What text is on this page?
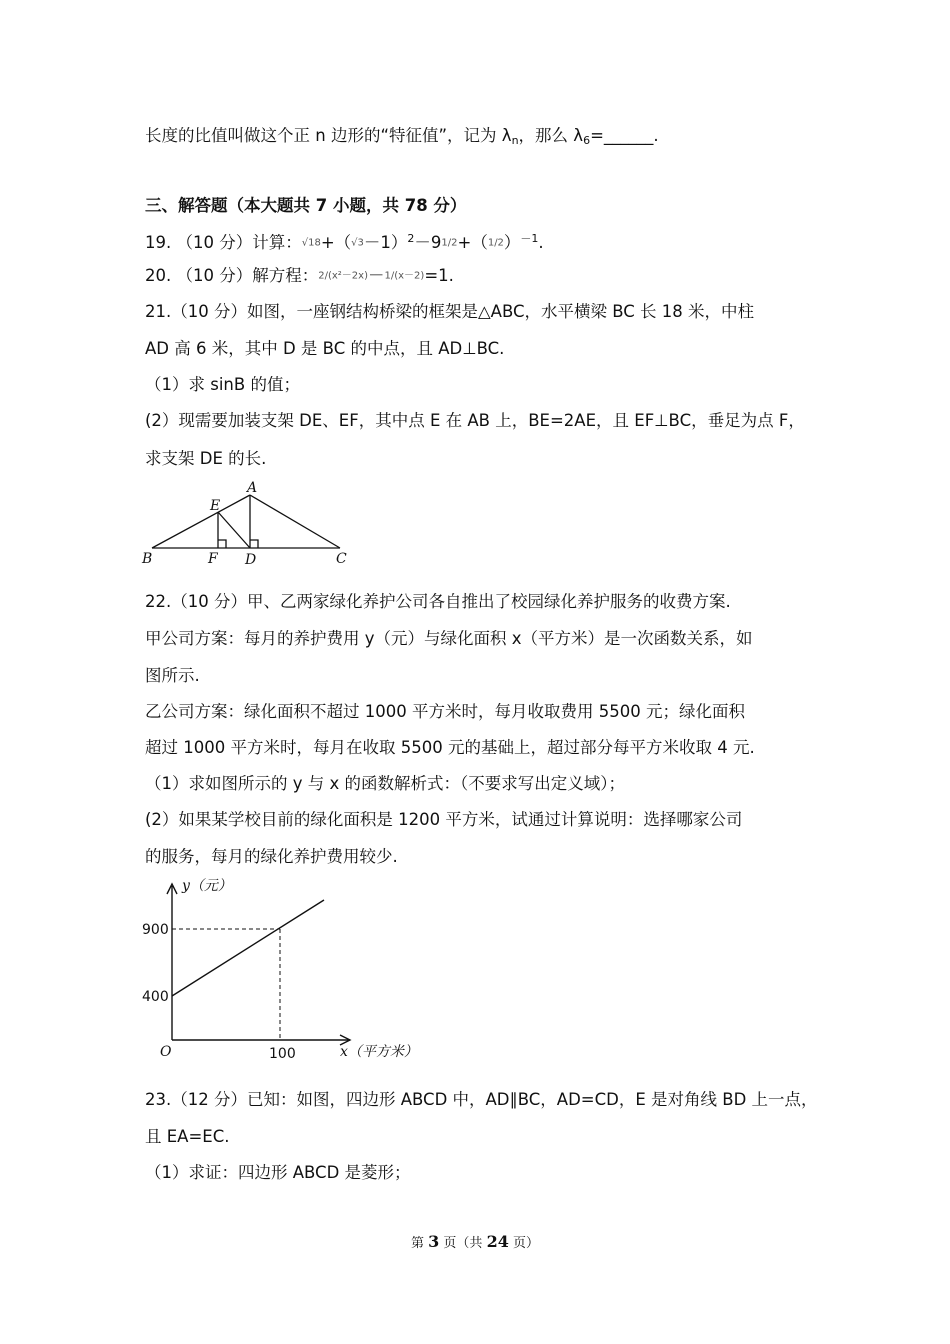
长度的比值叫做这个正 n 边形的“特征值”，记为 $\lambda_n$，那么 $\lambda_6=\_\_\_\_\_\_$.
三、解答题（本大题共 7 小题，共 78 分）
19. （10 分）计算：$√18+(√3-1)^2-91/2+(1/2)^{-1}$.
20. （10 分）解方程：2/(x²－2x)－1/(x－2)=1.
21.（10 分）如图，一座钢结构桥梁的框架是△ABC，水平横梁 BC 长 18 米，中柱
AD 高 6 米，其中 D 是 BC 的中点，且 AD⊥BC.
（1）求 sinB 的值；
(2）现需要加装支架 DE、EF，其中点 E 在 AB 上，BE=2AE，且 EF⊥BC，垂足为点 F，
求支架 DE 的长.
A
B	C
D
E
F
22.（10 分）甲、乙两家绿化养护公司各自推出了校园绿化养护服务的收费方案.
甲公司方案：每月的养护费用 y（元）与绿化面积 x（平方米）是一次函数关系，如
图所示.
乙公司方案：绿化面积不超过 1000 平方米时，每月收取费用 5500 元；绿化面积
超过 1000 平方米时，每月在收取 5500 元的基础上，超过部分每平方米收取 4 元.
（1）求如图所示的 y 与 x 的函数解析式：（不要求写出定义域）；
(2）如果某学校目前的绿化面积是 1200 平方米，试通过计算说明：选择哪家公司
的服务，每月的绿化养护费用较少.
y（元）
x（平方米）
O
900
400
100
23.（12 分）已知：如图，四边形 ABCD 中，AD∥BC，AD=CD，E 是对角线 BD 上一点，
且 EA=EC.
（1）求证：四边形 ABCD 是菱形；
第 3 页（共 24 页）
